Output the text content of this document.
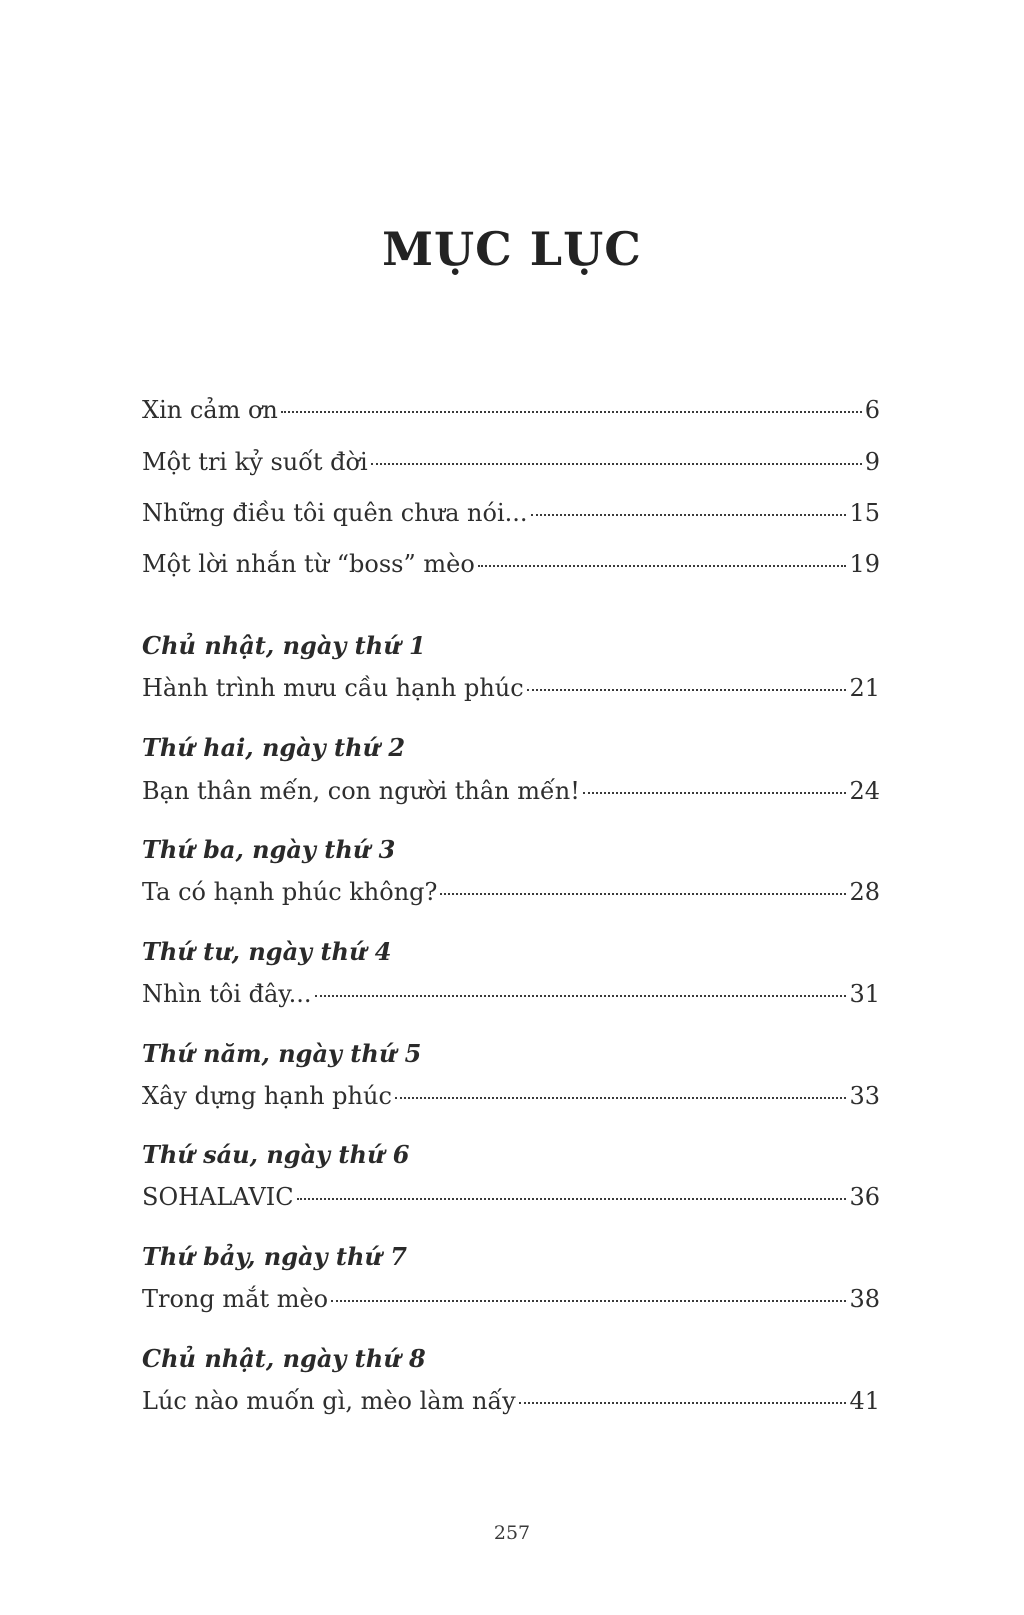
MỤC LỤC
Xin cảm ơn	6
Một tri kỷ suốt đời	9
Những điều tôi quên chưa nói...	15
Một lời nhắn từ “boss” mèo	19
Chủ nhật, ngày thứ 1
Hành trình mưu cầu hạnh phúc	21
Thứ hai, ngày thứ 2
Bạn thân mến, con người thân mến!	24
Thứ ba, ngày thứ 3
Ta có hạnh phúc không?	28
Thứ tư, ngày thứ 4
Nhìn tôi đây...	31
Thứ năm, ngày thứ 5
Xây dựng hạnh phúc	33
Thứ sáu, ngày thứ 6
SOHALAVIC	36
Thứ bảy, ngày thứ 7
Trong mắt mèo	38
Chủ nhật, ngày thứ 8
Lúc nào muốn gì, mèo làm nấy	41
257
